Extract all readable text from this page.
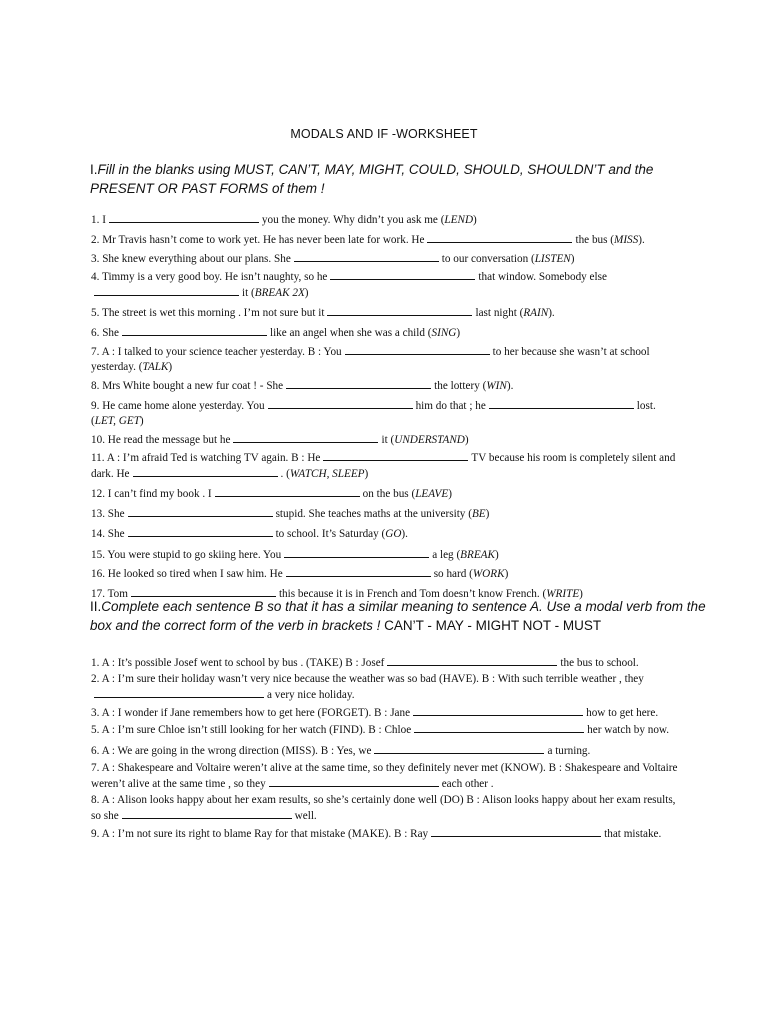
MODALS AND IF -WORKSHEET
I.Fill in the blanks using MUST, CAN’T, MAY, MIGHT, COULD, SHOULD, SHOULDN’T and the PRESENT OR PAST FORMS of them !

1. I	you the money. Why didn’t you ask me (LEND)

2. Mr Travis hasn’t come to work yet. He has never been late for work. He	the bus (MISS).

3. She knew everything about our plans. She	to our conversation (LISTEN)

4. Timmy is a very good boy. He isn’t naughty, so he	that window. Somebody elseit (BREAK 2X)

5. The street is wet this morning . I’m not sure but it	last night (RAIN).

6. She	like an angel when she was a child (SING)

7. A : I talked to your science teacher yesterday. B : You	to her because she wasn’t at school yesterday. (TALK)

8. Mrs White bought a new fur coat ! - She	the lottery (WIN).

9. He came home alone yesterday. You	him do that ; he	lost. (LET, GET)

10. He read the message but he	it (UNDERSTAND)

11. A : I’m afraid Ted is watching TV again. B : He	TV because his room is completely silent and dark. He	. (WATCH, SLEEP)

12. I can’t find my book . I	on the bus (LEAVE)

13. She	stupid. She teaches maths at the university (BE)

14. She	to school. It’s Saturday (GO).

15. You were stupid to go skiing here. You	a leg (BREAK)

16. He looked so tired when I saw him. He	so hard (WORK)

17. Tom	this because it is in French and Tom doesn’t know French. (WRITE)

II.Complete each sentence B so that it has a similar meaning to sentence A. Use a modal verb from the box and the correct form of the verb in brackets ! CAN’T - MAY - MIGHT NOT - MUST

1. A : It’s possible Josef went to school by bus . (TAKE) B : Josef	the bus to school.

2. A : I’m sure their holiday wasn’t very nice because the weather was so bad (HAVE). B : With such terrible weather , theya very nice holiday.

3. A : I wonder if Jane remembers how to get here (FORGET). B : Jane	how to get here.

5. A : I’m sure Chloe isn’t still looking for her watch (FIND). B : Chloe	her watch by now.

6. A : We are going in the wrong direction (MISS). B : Yes, we	a turning.

7. A : Shakespeare and Voltaire weren’t alive at the same time, so they definitely never met (KNOW). B : Shakespeare and Voltaire weren’t alive at the same time , so they	each other .

8. A : Alison looks happy about her exam results, so she’s certainly done well (DO) B : Alison looks happy about her exam results, so she	well.

9. A : I’m not sure its right to blame Ray for that mistake (MAKE). B : Ray	that mistake.
